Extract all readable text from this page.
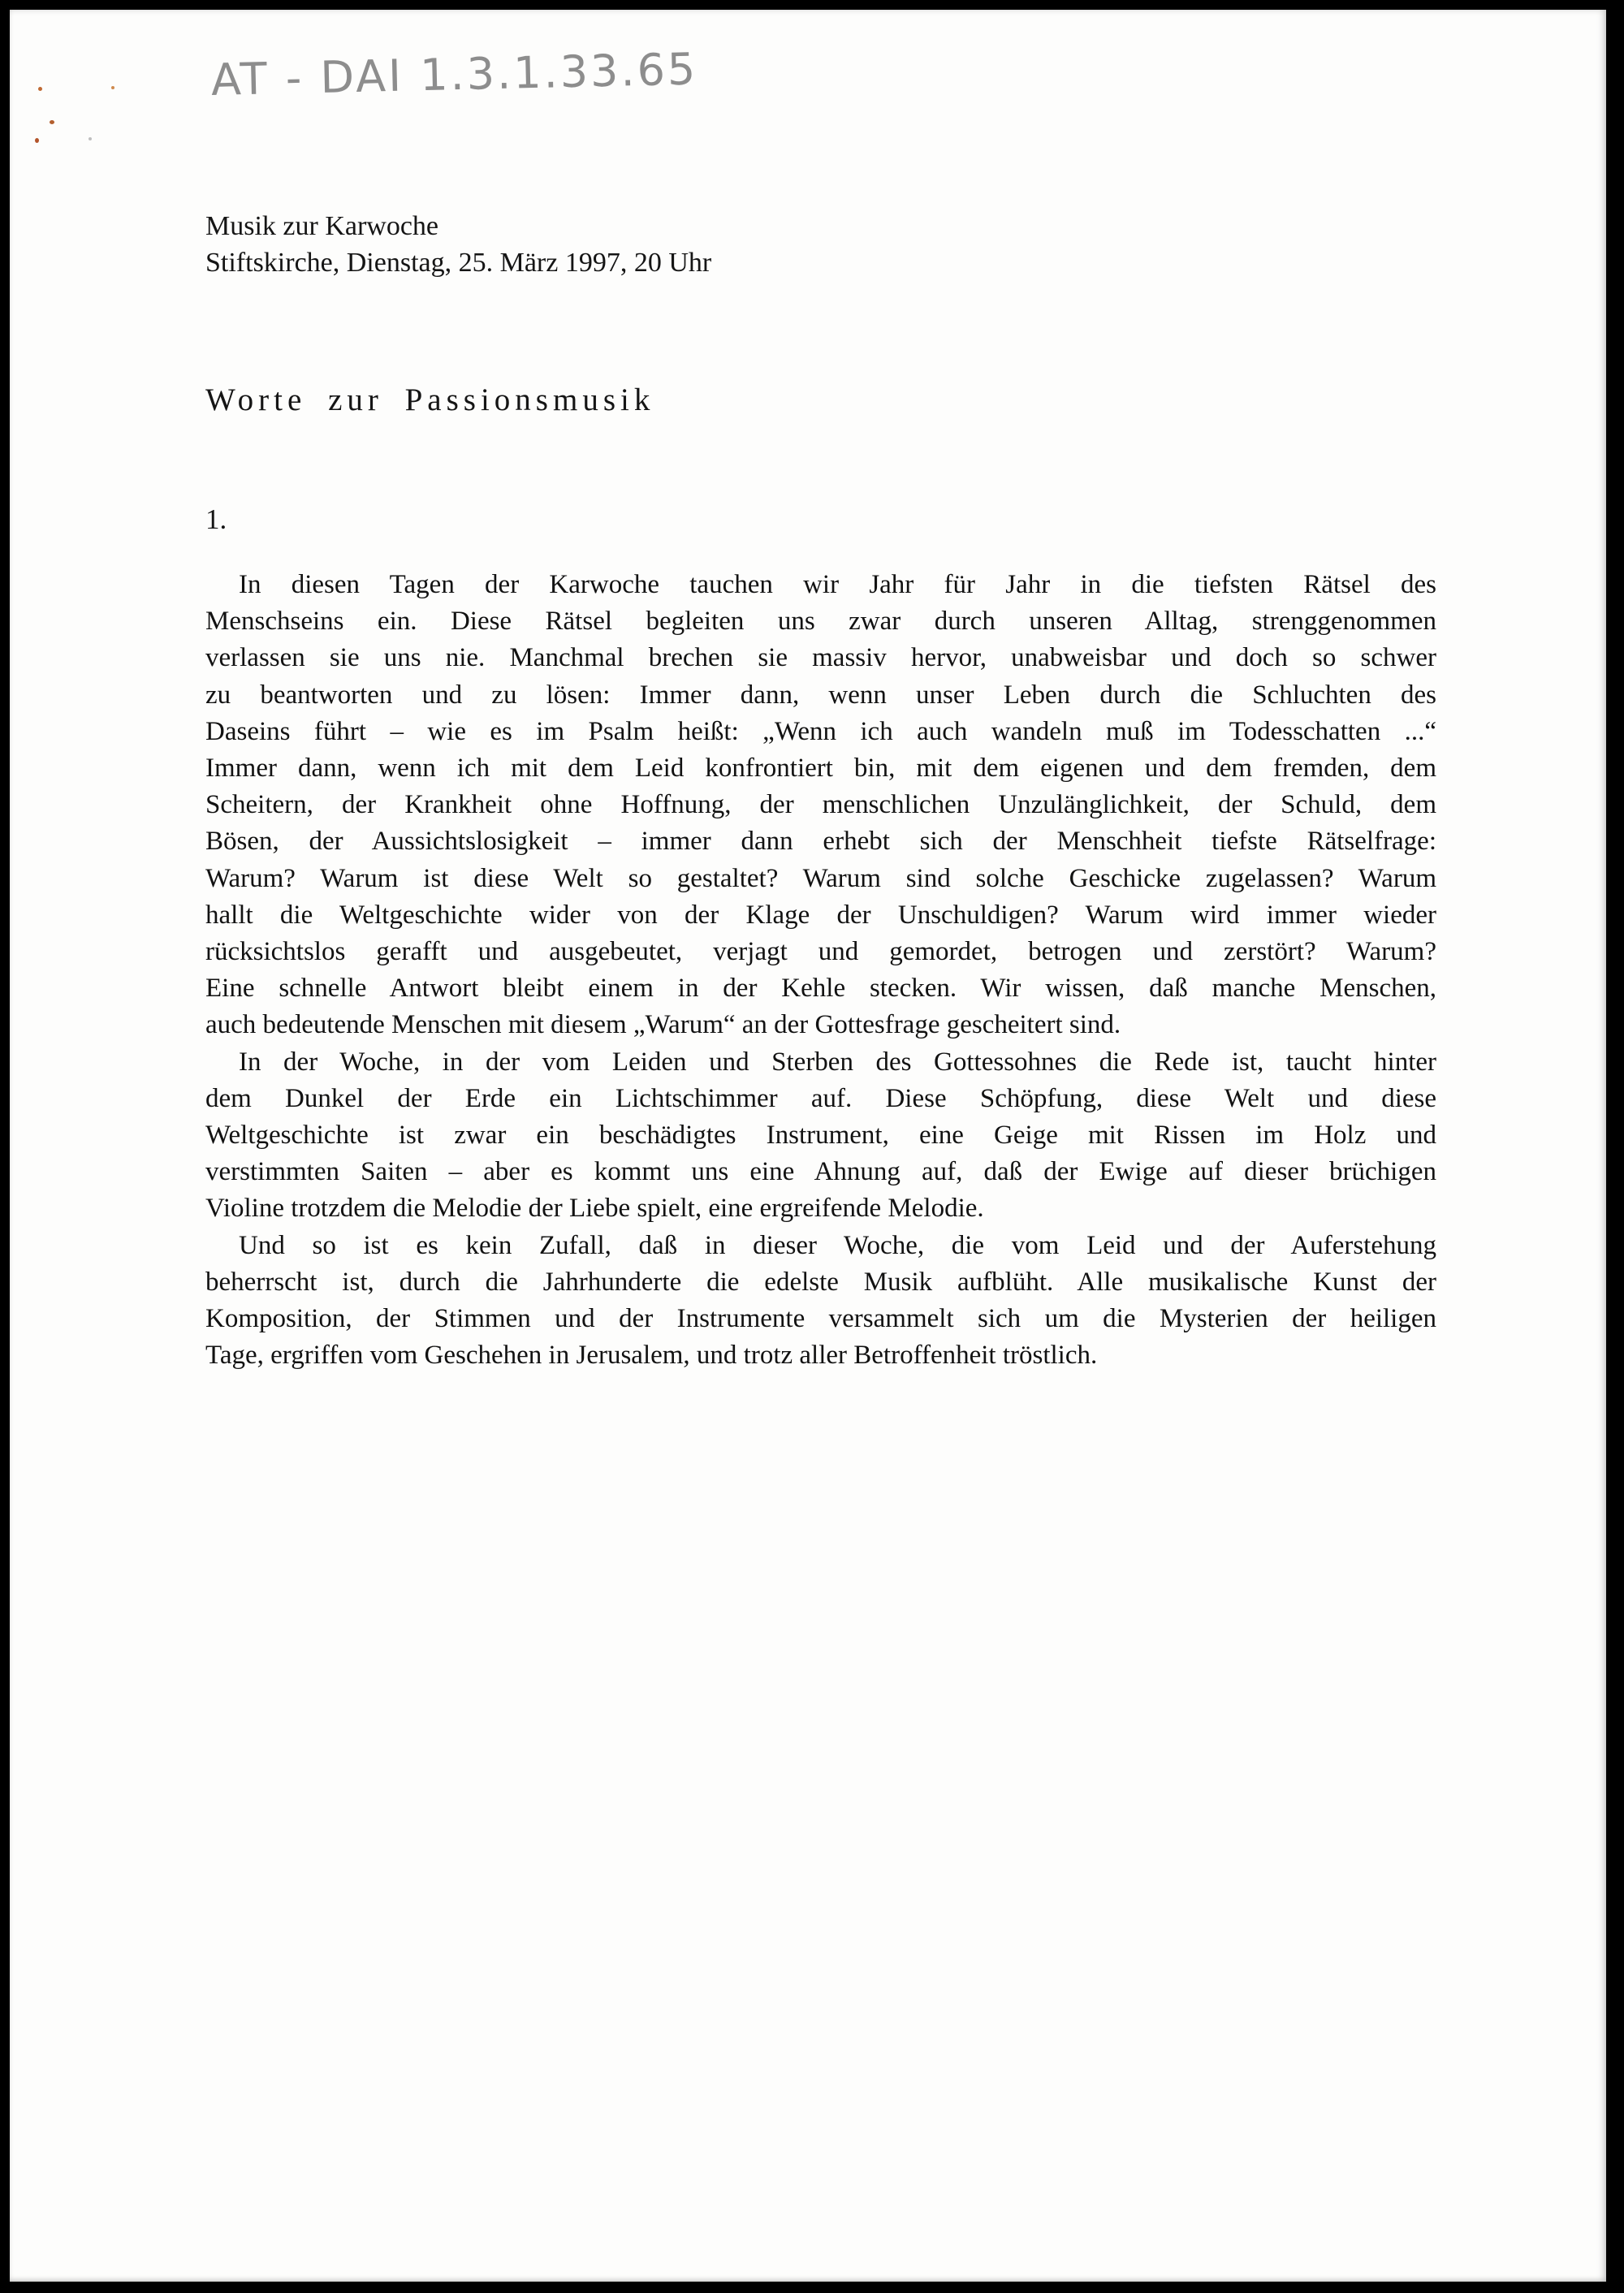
AT - DAI 1.3.1.33.65
Musik zur Karwoche
Stiftskirche, Dienstag, 25. März 1997, 20 Uhr
Worte zur Passionsmusik
1.
In diesen Tagen der Karwoche tauchen wir Jahr für Jahr in die tiefsten Rätsel des
Menschseins ein. Diese Rätsel begleiten uns zwar durch unseren Alltag, strenggenommen
verlassen sie uns nie. Manchmal brechen sie massiv hervor, unabweisbar und doch so schwer
zu beantworten und zu lösen: Immer dann, wenn unser Leben durch die Schluchten des
Daseins führt – wie es im Psalm heißt: „Wenn ich auch wandeln muß im Todesschatten ...“
Immer dann, wenn ich mit dem Leid konfrontiert bin, mit dem eigenen und dem fremden, dem
Scheitern, der Krankheit ohne Hoffnung, der menschlichen Unzulänglichkeit, der Schuld, dem
Bösen, der Aussichtslosigkeit – immer dann erhebt sich der Menschheit tiefste Rätselfrage:
Warum? Warum ist diese Welt so gestaltet? Warum sind solche Geschicke zugelassen? Warum
hallt die Weltgeschichte wider von der Klage der Unschuldigen? Warum wird immer wieder
rücksichtslos gerafft und ausgebeutet, verjagt und gemordet, betrogen und zerstört? Warum?
Eine schnelle Antwort bleibt einem in der Kehle stecken. Wir wissen, daß manche Menschen,
auch bedeutende Menschen mit diesem „Warum“ an der Gottesfrage gescheitert sind.
In der Woche, in der vom Leiden und Sterben des Gottessohnes die Rede ist, taucht hinter
dem Dunkel der Erde ein Lichtschimmer auf. Diese Schöpfung, diese Welt und diese
Weltgeschichte ist zwar ein beschädigtes Instrument, eine Geige mit Rissen im Holz und
verstimmten Saiten – aber es kommt uns eine Ahnung auf, daß der Ewige auf dieser brüchigen
Violine trotzdem die Melodie der Liebe spielt, eine ergreifende Melodie.
Und so ist es kein Zufall, daß in dieser Woche, die vom Leid und der Auferstehung
beherrscht ist, durch die Jahrhunderte die edelste Musik aufblüht. Alle musikalische Kunst der
Komposition, der Stimmen und der Instrumente versammelt sich um die Mysterien der heiligen
Tage, ergriffen vom Geschehen in Jerusalem, und trotz aller Betroffenheit tröstlich.
